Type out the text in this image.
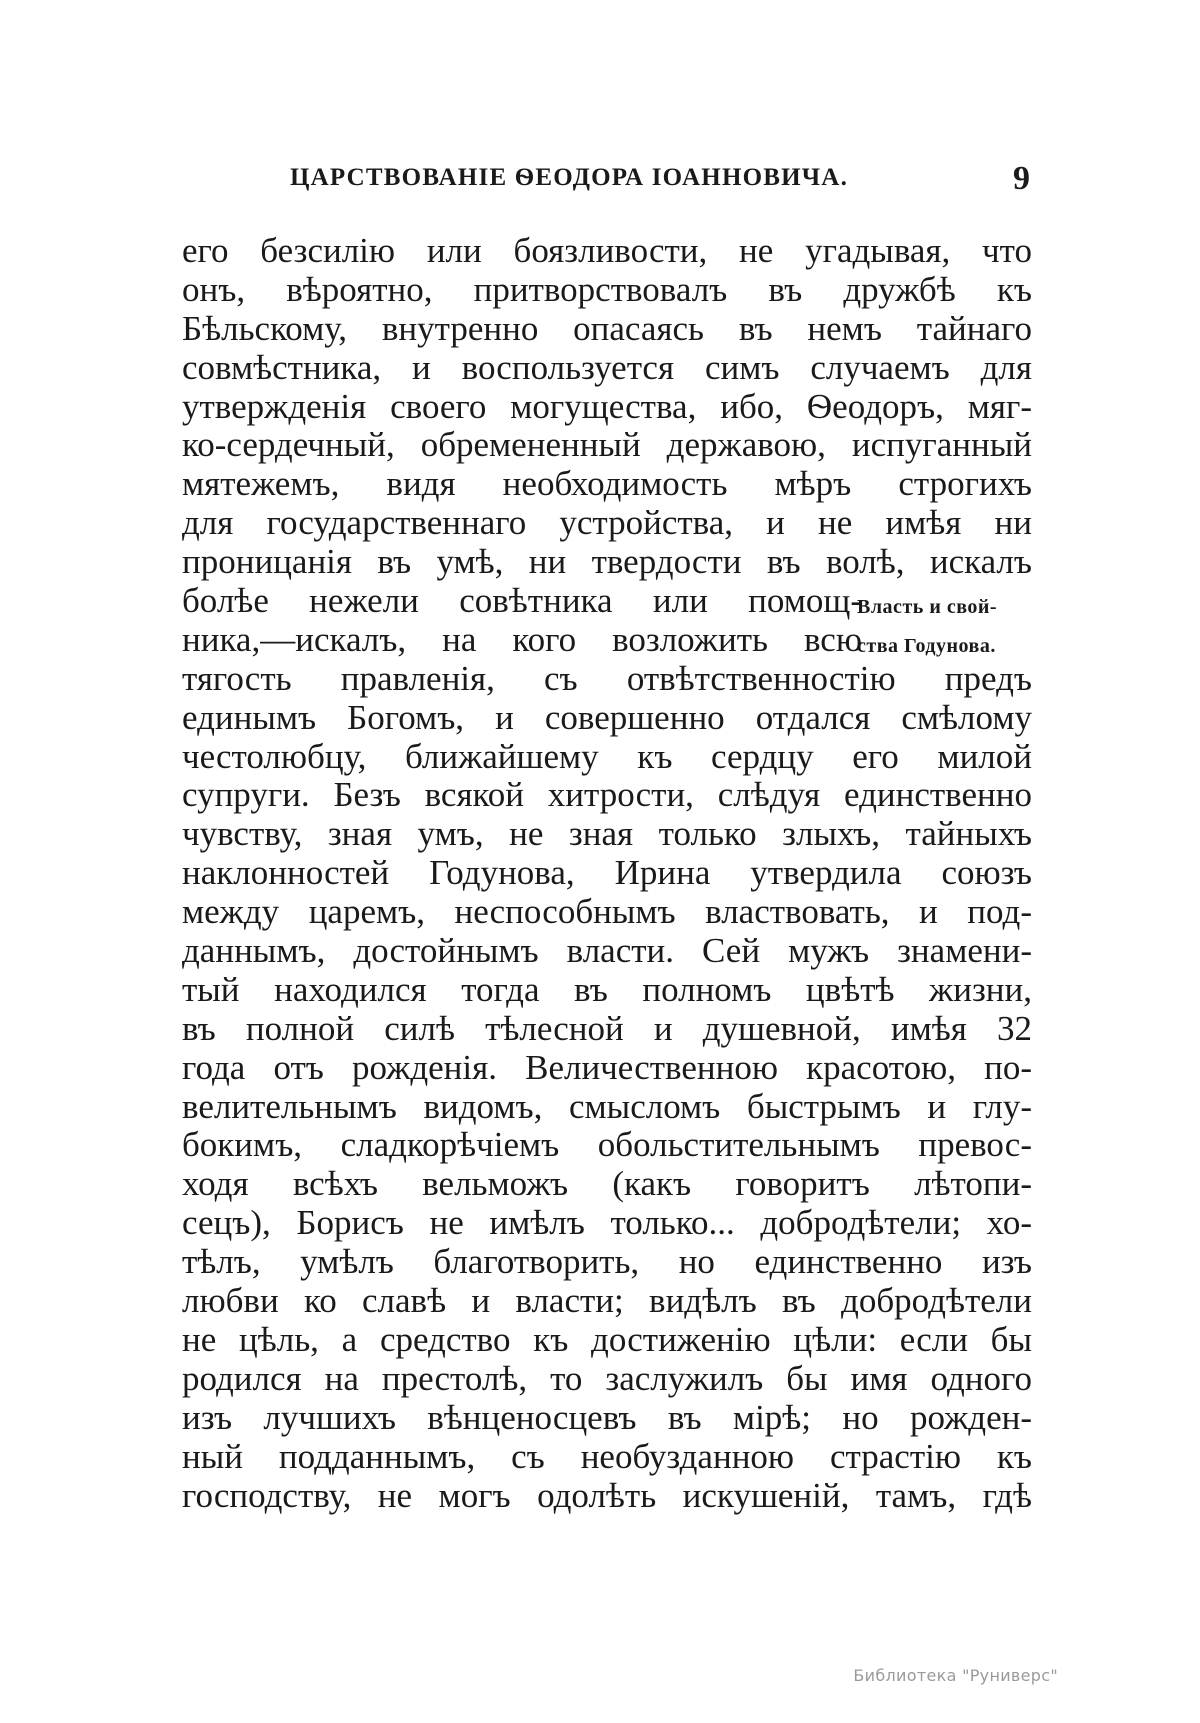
ЦАРСТВОВАНІЕ ѲЕОДОРА ІОАННОВИЧА.	9
его безсилію или боязливости, не угадывая, что
онъ, вѣроятно, притворствовалъ въ дружбѣ къ
Бѣльскому, внутренно опасаясь въ немъ тайнаго
совмѣстника, и воспользуется симъ случаемъ для
утвержденія своего могущества, ибо, Ѳеодоръ, мяг-
ко-сердечный, обремененный державою, испуганный
мятежемъ, видя необходимость мѣръ строгихъ
для государственнаго устройства, и не имѣя ни
проницанія въ умѣ, ни твердости въ волѣ, искалъ
болѣе нежели совѣтника или помощ-
ника,—искалъ, на кого возложить всю
тягость правленія, съ отвѣтственностію предъ
единымъ Богомъ, и совершенно отдался смѣлому
честолюбцу, ближайшему къ сердцу его милой
супруги. Безъ всякой хитрости, слѣдуя единственно
чувству, зная умъ, не зная только злыхъ, тайныхъ
наклонностей Годунова, Ирина утвердила союзъ
между царемъ, неспособнымъ властвовать, и под-
даннымъ, достойнымъ власти. Сей мужъ знамени-
тый находился тогда въ полномъ цвѣтѣ жизни,
въ полной силѣ тѣлесной и душевной, имѣя 32
года отъ рожденія. Величественною красотою, по-
велительнымъ видомъ, смысломъ быстрымъ и глу-
бокимъ, сладкорѣчіемъ обольстительнымъ превос-
ходя всѣхъ вельможъ (какъ говоритъ лѣтопи-
сецъ), Борисъ не имѣлъ только... добродѣтели; хо-
тѣлъ, умѣлъ благотворить, но единственно изъ
любви ко славѣ и власти; видѣлъ въ добродѣтели
не цѣль, а средство къ достиженію цѣли: если бы
родился на престолѣ, то заслужилъ бы имя одного
изъ лучшихъ вѣнценосцевъ въ мірѣ; но рожден-
ный подданнымъ, съ необузданною страстію къ
господству, не могъ одолѣть искушеній, тамъ, гдѣ
Власть и свой-
ства Годунова.
Библиотека "Руниверс"
